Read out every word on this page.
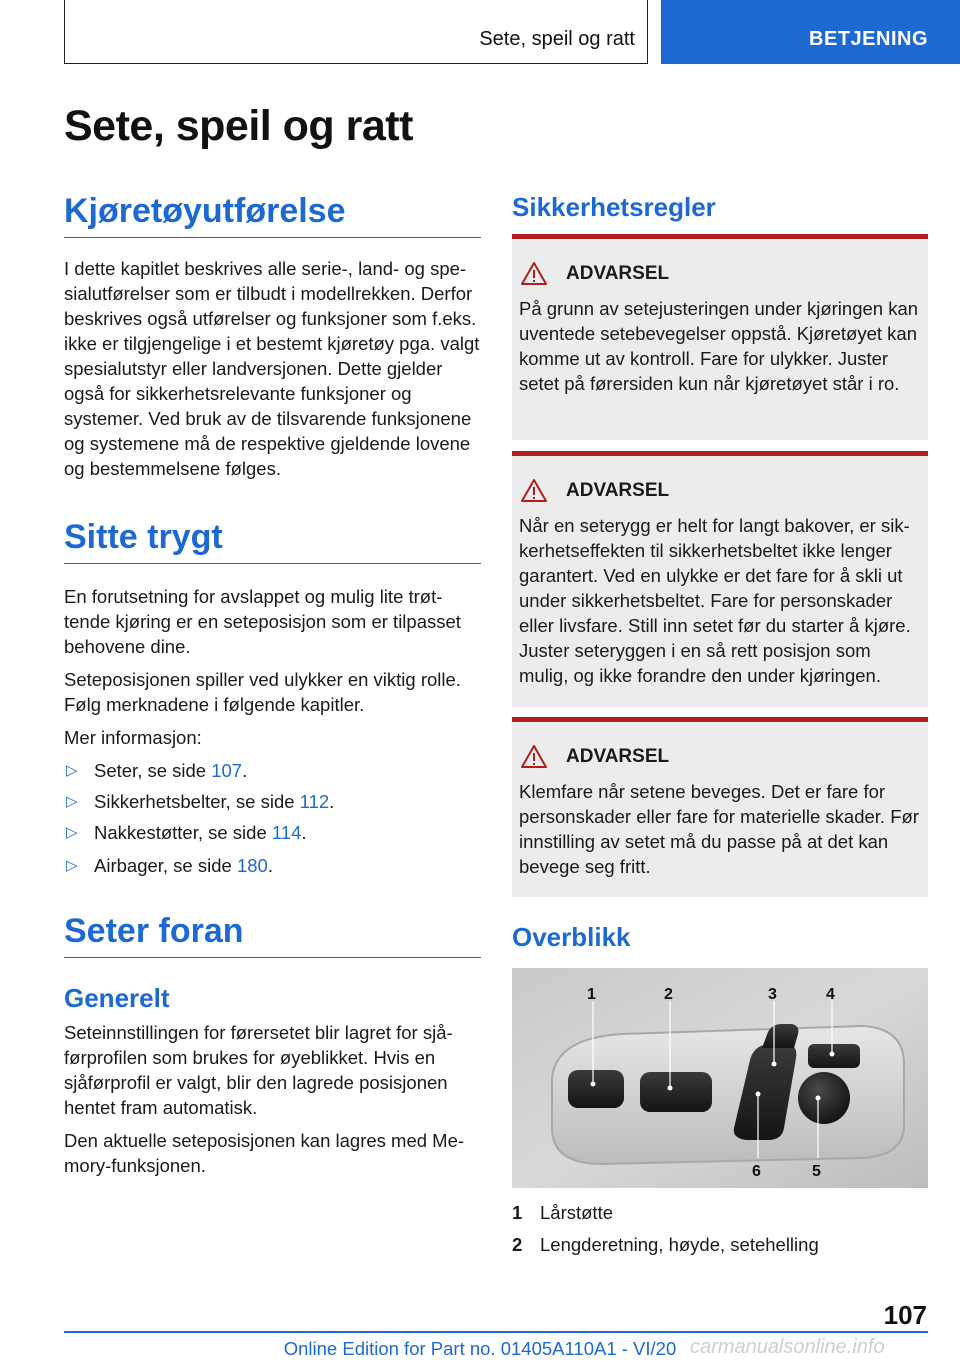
Sete, speil og ratt	BETJENING
Sete, speil og ratt
Kjøretøyutførelse

I dette kapitlet beskrives alle serie-, land- og spesialutførelser som er tilbudt i modellrekken. Derfor beskrives også utførelser og funksjoner som f.eks. ikke er tilgjengelige i et bestemt kjøretøy pga. valgt spesialutstyr eller landversjonen. Dette gjelder også for sikkerhetsrelevante funksjoner og systemer. Ved bruk av de tilsvarende funksjonene og systemene må de respektive gjeldende lovene og bestemmelsene følges.

Sitte trygt

En forutsetning for avslappet og mulig lite trøttende kjøring er en seteposisjon som er tilpasset behovene dine.

Seteposisjonen spiller ved ulykker en viktig rolle. Følg merknadene i følgende kapitler.

Mer informasjon:

▷ Seter, se side 107.
▷ Sikkerhetsbelter, se side 112.
▷ Nakkestøtter, se side 114.
▷ Airbager, se side 180.
Seter foran
Generelt

Seteinnstillingen for førersetet blir lagret for sjåførprofilen som brukes for øyeblikket. Hvis en sjåførprofil er valgt, blir den lagrede posisjonen hentet fram automatisk.

Den aktuelle seteposisjonen kan lagres med Memory-funksjonen.

Sikkerhetsregler
ADVARSEL

På grunn av setejusteringen under kjøringen kan uventede setebevegelser oppstå. Kjøretøyet kan komme ut av kontroll. Fare for ulykker. Juster setet på førersiden kun når kjøretøyet står i ro.

ADVARSEL

Når en seterygg er helt for langt bakover, er sikkerhetseffekten til sikkerhetsbeltet ikke lenger garantert. Ved en ulykke er det fare for å skli ut under sikkerhetsbeltet. Fare for personskader eller livsfare. Still inn setet før du starter å kjøre. Juster seteryggen i en så rett posisjon som mulig, og ikke forandre den under kjøringen.

ADVARSEL

Klemfare når setene beveges. Det er fare for personskader eller fare for materielle skader. Før innstilling av setet må du passe på at det kan bevege seg fritt.

Overblikk
1	2	3	4
5
6
1 Lårstøtte
2 Lengderetning, høyde, setehelling
107
carmanualsonline.info
Online Edition for Part no. 01405A110A1 - VI/20
